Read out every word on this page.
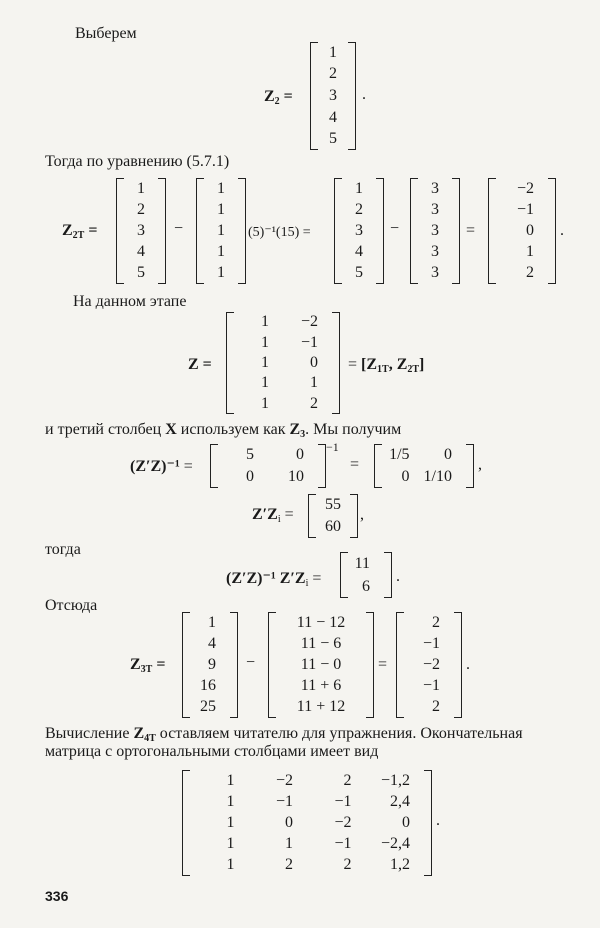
Выберем
$Z_2$ =
1
2
3
4
5
.
Тогда по уравнению (5.7.1)
$Z_{2T}$ =
1
2
3
4
5
−
1
1
1
1
1
(5)⁻¹(15) =
1
2
3
4
5
−
3
3
3
3
3
=
−2
−1
0
1
2
.
На данном этапе
Z =
1	−2
1	−1
1	0
1	1
1	2
= [$Z_{1T}$, $Z_{2T}$]
и третий столбец X используем как $Z_3$. Мы получим
(Z′Z)⁻¹ =
5	0
0	10
−1
=
1/5	0
0 1/10
,
$Z'Z_i$ =
55
60
,
тогда
(Z′Z)⁻¹ $Z'Z_i$ =
11
6
.
Отсюда
$Z_{3T}$ =
1
4
9
16
25
−
11 − 12
11 − 6
11 − 0
11 + 6
11 + 12
=
2
−1
−2
−1
2
.
Вычисление $Z_{4T}$ оставляем читателю для упражнения. Окончательная
матрица с ортогональными столбцами имеет вид
1	−2	2	−1,2
1	−1	−1	2,4
1	0	−2	0
1	1	−1	−2,4
1	2	2	1,2
.
336
